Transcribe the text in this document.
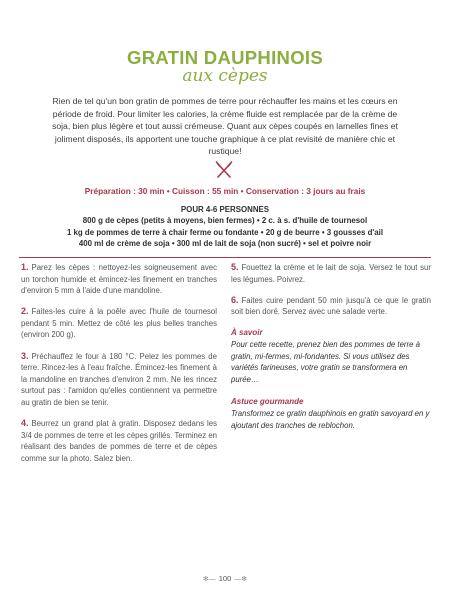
GRATIN DAUPHINOIS
aux cèpes
Rien de tel qu'un bon gratin de pommes de terre pour réchauffer les mains et les cœurs en période de froid. Pour limiter les calories, la crème fluide est remplacée par de la crème de soja, bien plus légère et tout aussi crémeuse. Quant aux cèpes coupés en lamelles fines et joliment disposés, ils apportent une touche graphique à ce plat revisité de manière chic et rustique!
Préparation : 30 min • Cuisson : 55 min • Conservation : 3 jours au frais
POUR 4-6 PERSONNES
800 g de cèpes (petits à moyens, bien fermes) • 2 c. à s. d'huile de tournesol
1 kg de pommes de terre à chair ferme ou fondante • 20 g de beurre • 3 gousses d'ail
400 ml de crème de soja • 300 ml de lait de soja (non sucré) • sel et poivre noir

1. Parez les cèpes : nettoyez-les soigneusement avec un torchon humide et émincez-les finement en tranches d'environ 5 mm à l'aide d'une mandoline.

2. Faites-les cuire à la poêle avec l'huile de tournesol pendant 5 min. Mettez de côté les plus belles tranches (environ 200 g).

3. Préchauffez le four à 180 °C. Pelez les pommes de terre. Rincez-les à l'eau fraîche. Émincez-les finement à la mandoline en tranches d'environ 2 mm. Ne les rincez surtout pas : l'amidon qu'elles contiennent va permettre au gratin de bien se tenir.

4. Beurrez un grand plat à gratin. Disposez dedans les 3/4 de pommes de terre et les cèpes grillés. Terminez en réalisant des bandes de pommes de terre et de cèpes comme sur la photo. Salez bien.

5. Fouettez la crème et le lait de soja. Versez le tout sur les légumes. Poivrez.

6. Faites cuire pendant 50 min jusqu'à ce que le gratin soit bien doré. Servez avec une salade verte.

À savoir
Pour cette recette, prenez bien des pommes de terre à gratin, mi-fermes, mi-fondantes. Si vous utilisez des variétés farineuses, votre gratin se transformera en purée…
Astuce gourmande
Transformez ce gratin dauphinois en gratin savoyard en y ajoutant des tranches de reblochon.
✻— 100 —✻
